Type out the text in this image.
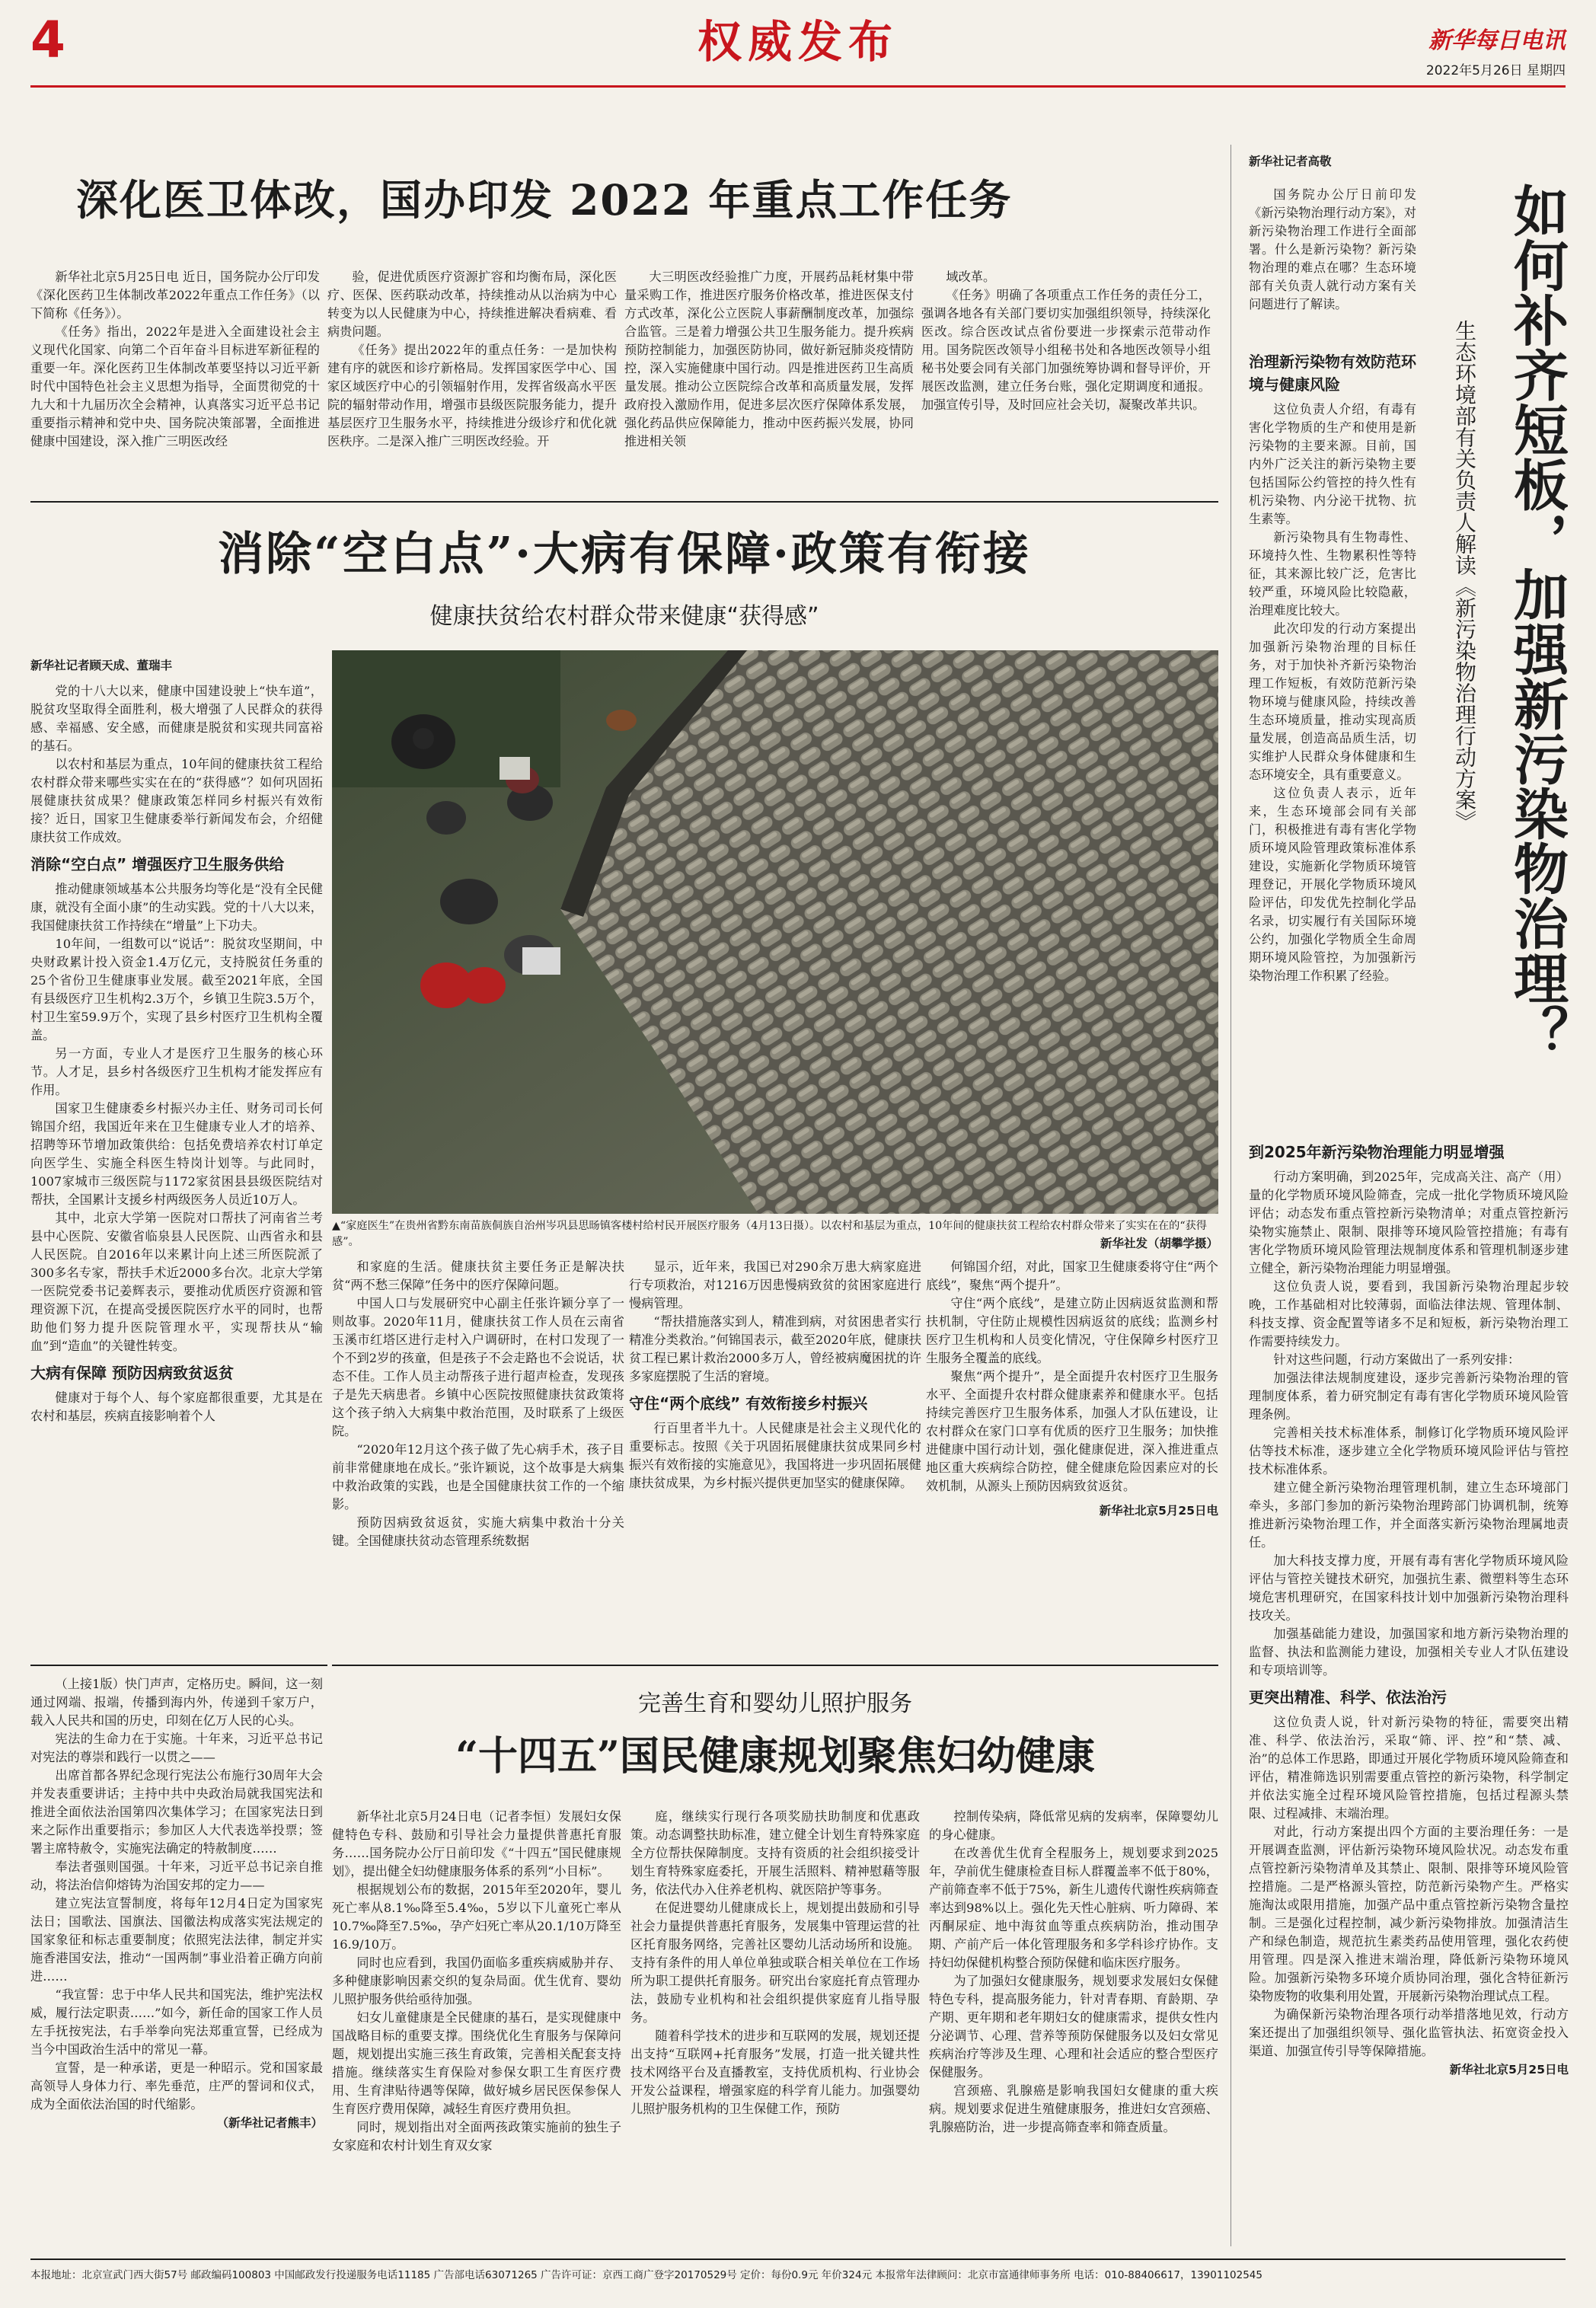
4	权威发布	新华每日电讯
2022年5月26日 星期四
深化医卫体改，国办印发 2022 年重点工作任务

新华社北京5月25日电 近日，国务院办公厅印发《深化医药卫生体制改革2022年重点工作任务》（以下简称《任务》）。

《任务》指出，2022年是进入全面建设社会主义现代化国家、向第二个百年奋斗目标进军新征程的重要一年。深化医药卫生体制改革要坚持以习近平新时代中国特色社会主义思想为指导，全面贯彻党的十九大和十九届历次全会精神，认真落实习近平总书记重要指示精神和党中央、国务院决策部署，全面推进健康中国建设，深入推广三明医改经

验，促进优质医疗资源扩容和均衡布局，深化医疗、医保、医药联动改革，持续推动从以治病为中心转变为以人民健康为中心，持续推进解决看病难、看病贵问题。

《任务》提出2022年的重点任务：一是加快构建有序的就医和诊疗新格局。发挥国家医学中心、国家区域医疗中心的引领辐射作用，发挥省级高水平医院的辐射带动作用，增强市县级医院服务能力，提升基层医疗卫生服务水平，持续推进分级诊疗和优化就医秩序。二是深入推广三明医改经验。开

大三明医改经验推广力度，开展药品耗材集中带量采购工作，推进医疗服务价格改革，推进医保支付方式改革，深化公立医院人事薪酬制度改革，加强综合监管。三是着力增强公共卫生服务能力。提升疾病预防控制能力，加强医防协同，做好新冠肺炎疫情防控，深入实施健康中国行动。四是推进医药卫生高质量发展。推动公立医院综合改革和高质量发展，发挥政府投入激励作用，促进多层次医疗保障体系发展，强化药品供应保障能力，推动中医药振兴发展，协同推进相关领

域改革。

《任务》明确了各项重点工作任务的责任分工，强调各地各有关部门要切实加强组织领导，持续深化医改。综合医改试点省份要进一步探索示范带动作用。国务院医改领导小组秘书处和各地医改领导小组秘书处要会同有关部门加强统筹协调和督导评价，开展医改监测，建立任务台账，强化定期调度和通报。加强宣传引导，及时回应社会关切，凝聚改革共识。

消除“空白点”·大病有保障·政策有衔接
健康扶贫给农村群众带来健康“获得感”
新华社记者顾天成、董瑞丰

党的十八大以来，健康中国建设驶上“快车道”，脱贫攻坚取得全面胜利，极大增强了人民群众的获得感、幸福感、安全感，而健康是脱贫和实现共同富裕的基石。

以农村和基层为重点，10年间的健康扶贫工程给农村群众带来哪些实实在在的“获得感”？如何巩固拓展健康扶贫成果？健康政策怎样同乡村振兴有效衔接？近日，国家卫生健康委举行新闻发布会，介绍健康扶贫工作成效。

消除“空白点” 增强医疗卫生服务供给

推动健康领域基本公共服务均等化是“没有全民健康，就没有全面小康”的生动实践。党的十八大以来，我国健康扶贫工作持续在“增量”上下功夫。

10年间，一组数可以“说话”：脱贫攻坚期间，中央财政累计投入资金1.4万亿元，支持脱贫任务重的25个省份卫生健康事业发展。截至2021年底，全国有县级医疗卫生机构2.3万个，乡镇卫生院3.5万个，村卫生室59.9万个，实现了县乡村医疗卫生机构全覆盖。

另一方面，专业人才是医疗卫生服务的核心环节。人才足，县乡村各级医疗卫生机构才能发挥应有作用。

国家卫生健康委乡村振兴办主任、财务司司长何锦国介绍，我国近年来在卫生健康专业人才的培养、招聘等环节增加政策供给：包括免费培养农村订单定向医学生、实施全科医生特岗计划等。与此同时，1007家城市三级医院与1172家贫困县县级医院结对帮扶，全国累计支援乡村两级医务人员近10万人。

其中，北京大学第一医院对口帮扶了河南省兰考县中心医院、安徽省临泉县人民医院、山西省永和县人民医院。自2016年以来累计向上述三所医院派了300多名专家，帮扶手术近2000多台次。北京大学第一医院党委书记姜辉表示，要推动优质医疗资源和管理资源下沉，在提高受援医院医疗水平的同时，也帮助他们努力提升医院管理水平，实现帮扶从“输血”到“造血”的关键性转变。

大病有保障 预防因病致贫返贫

健康对于每个人、每个家庭都很重要，尤其是在农村和基层，疾病直接影响着个人

▲“家庭医生”在贵州省黔东南苗族侗族自治州岑巩县思旸镇客楼村给村民开展医疗服务（4月13日摄）。以农村和基层为重点，10年间的健康扶贫工程给农村群众带来了实实在在的“获得感”。	新华社发（胡攀学摄）

和家庭的生活。健康扶贫主要任务正是解决扶贫“两不愁三保障”任务中的医疗保障问题。

中国人口与发展研究中心副主任张许颖分享了一则故事。2020年11月，健康扶贫工作人员在云南省玉溪市红塔区进行走村入户调研时，在村口发现了一个不到2岁的孩童，但是孩子不会走路也不会说话，状态不佳。工作人员主动帮孩子进行超声检查，发现孩子是先天病患者。乡镇中心医院按照健康扶贫政策将这个孩子纳入大病集中救治范围，及时联系了上级医院。

“2020年12月这个孩子做了先心病手术，孩子目前非常健康地在成长。”张许颖说，这个故事是大病集中救治政策的实践，也是全国健康扶贫工作的一个缩影。

预防因病致贫返贫，实施大病集中救治十分关键。全国健康扶贫动态管理系统数据

显示，近年来，我国已对290余万患大病家庭进行专项救治，对1216万因患慢病致贫的贫困家庭进行慢病管理。

“帮扶措施落实到人，精准到病，对贫困患者实行精准分类救治。”何锦国表示，截至2020年底，健康扶贫工程已累计救治2000多万人，曾经被病魔困扰的许多家庭摆脱了生活的窘境。

守住“两个底线” 有效衔接乡村振兴

行百里者半九十。人民健康是社会主义现代化的重要标志。按照《关于巩固拓展健康扶贫成果同乡村振兴有效衔接的实施意见》，我国将进一步巩固拓展健康扶贫成果，为乡村振兴提供更加坚实的健康保障。

何锦国介绍，对此，国家卫生健康委将守住“两个底线”，聚焦“两个提升”。

守住“两个底线”，是建立防止因病返贫监测和帮扶机制，守住防止规模性因病返贫的底线；监测乡村医疗卫生机构和人员变化情况，守住保障乡村医疗卫生服务全覆盖的底线。

聚焦“两个提升”，是全面提升农村医疗卫生服务水平、全面提升农村群众健康素养和健康水平。包括持续完善医疗卫生服务体系，加强人才队伍建设，让农村群众在家门口享有优质的医疗卫生服务；加快推进健康中国行动计划，强化健康促进，深入推进重点地区重大疾病综合防控，健全健康危险因素应对的长效机制，从源头上预防因病致贫返贫。

新华社北京5月25日电

（上接1版）快门声声，定格历史。瞬间，这一刻通过网端、报端，传播到海内外，传递到千家万户，载入人民共和国的历史，印刻在亿万人民的心头。

宪法的生命力在于实施。十年来，习近平总书记对宪法的尊崇和践行一以贯之——

出席首都各界纪念现行宪法公布施行30周年大会并发表重要讲话；主持中共中央政治局就我国宪法和推进全面依法治国第四次集体学习；在国家宪法日到来之际作出重要指示；参加区人大代表选举投票；签署主席特赦令，实施宪法确定的特赦制度……

奉法者强则国强。十年来，习近平总书记亲自推动，将法治信仰熔铸为治国安邦的定力——

建立宪法宣誓制度，将每年12月4日定为国家宪法日；国歌法、国旗法、国徽法构成落实宪法规定的国家象征和标志重要制度；依照宪法法律，制定并实施香港国安法，推动“一国两制”事业沿着正确方向前进……

“我宣誓：忠于中华人民共和国宪法，维护宪法权威，履行法定职责……”如今，新任命的国家工作人员左手抚按宪法，右手举拳向宪法郑重宣誓，已经成为当今中国政治生活中的常见一幕。

宣誓，是一种承诺，更是一种昭示。党和国家最高领导人身体力行、率先垂范，庄严的誓词和仪式，成为全面依法治国的时代缩影。

（新华社记者熊丰）
完善生育和婴幼儿照护服务
“十四五”国民健康规划聚焦妇幼健康

新华社北京5月24日电（记者李恒）发展妇女保健特色专科、鼓励和引导社会力量提供普惠托育服务……国务院办公厅日前印发《“十四五”国民健康规划》，提出健全妇幼健康服务体系的系列“小目标”。

根据规划公布的数据，2015年至2020年，婴儿死亡率从8.1‰降至5.4‰，5岁以下儿童死亡率从10.7‰降至7.5‰，孕产妇死亡率从20.1/10万降至16.9/10万。

同时也应看到，我国仍面临多重疾病威胁并存、多种健康影响因素交织的复杂局面。优生优育、婴幼儿照护服务供给亟待加强。

妇女儿童健康是全民健康的基石，是实现健康中国战略目标的重要支撑。围绕优化生育服务与保障问题，规划提出实施三孩生育政策，完善相关配套支持措施。继续落实生育保险对参保女职工生育医疗费用、生育津贴待遇等保障，做好城乡居民医保参保人生育医疗费用保障，减轻生育医疗费用负担。

同时，规划指出对全面两孩政策实施前的独生子女家庭和农村计划生育双女家

庭，继续实行现行各项奖励扶助制度和优惠政策。动态调整扶助标准，建立健全计划生育特殊家庭全方位帮扶保障制度。支持有资质的社会组织接受计划生育特殊家庭委托，开展生活照料、精神慰藉等服务，依法代办入住养老机构、就医陪护等事务。

在促进婴幼儿健康成长上，规划提出鼓励和引导社会力量提供普惠托育服务，发展集中管理运营的社区托育服务网络，完善社区婴幼儿活动场所和设施。支持有条件的用人单位单独或联合相关单位在工作场所为职工提供托育服务。研究出台家庭托育点管理办法，鼓励专业机构和社会组织提供家庭育儿指导服务。

随着科学技术的进步和互联网的发展，规划还提出支持“互联网+托育服务”发展，打造一批关键共性技术网络平台及直播教室，支持优质机构、行业协会开发公益课程，增强家庭的科学育儿能力。加强婴幼儿照护服务机构的卫生保健工作，预防

控制传染病，降低常见病的发病率，保障婴幼儿的身心健康。

在改善优生优育全程服务上，规划要求到2025年，孕前优生健康检查目标人群覆盖率不低于80%，产前筛查率不低于75%，新生儿遗传代谢性疾病筛查率达到98%以上。强化先天性心脏病、听力障碍、苯丙酮尿症、地中海贫血等重点疾病防治，推动围孕期、产前产后一体化管理服务和多学科诊疗协作。支持妇幼保健机构整合预防保健和临床医疗服务。

为了加强妇女健康服务，规划要求发展妇女保健特色专科，提高服务能力，针对青春期、育龄期、孕产期、更年期和老年期妇女的健康需求，提供女性内分泌调节、心理、营养等预防保健服务以及妇女常见疾病治疗等涉及生理、心理和社会适应的整合型医疗保健服务。

宫颈癌、乳腺癌是影响我国妇女健康的重大疾病。规划要求促进生殖健康服务，推进妇女宫颈癌、乳腺癌防治，进一步提高筛查率和筛查质量。

新华社记者高敬

国务院办公厅日前印发《新污染物治理行动方案》，对新污染物治理工作进行全面部署。什么是新污染物？新污染物治理的难点在哪？生态环境部有关负责人就行动方案有关问题进行了解读。	如何补齐短板，加强新污染物治理？
生态环境部有关负责人解读《新污染物治理行动方案》
治理新污染物有效防范环境与健康风险

这位负责人介绍，有毒有害化学物质的生产和使用是新污染物的主要来源。目前，国内外广泛关注的新污染物主要包括国际公约管控的持久性有机污染物、内分泌干扰物、抗生素等。

新污染物具有生物毒性、环境持久性、生物累积性等特征，其来源比较广泛，危害比较严重，环境风险比较隐蔽，治理难度比较大。

此次印发的行动方案提出加强新污染物治理的目标任务，对于加快补齐新污染物治理工作短板，有效防范新污染物环境与健康风险，持续改善生态环境质量，推动实现高质量发展，创造高品质生活，切实维护人民群众身体健康和生态环境安全，具有重要意义。

这位负责人表示，近年来，生态环境部会同有关部门，积极推进有毒有害化学物质环境风险管理政策标准体系建设，实施新化学物质环境管理登记，开展化学物质环境风险评估，印发优先控制化学品名录，切实履行有关国际环境公约，加强化学物质全生命周期环境风险管控，为加强新污染物治理工作积累了经验。

到2025年新污染物治理能力明显增强

行动方案明确，到2025年，完成高关注、高产（用）量的化学物质环境风险筛查，完成一批化学物质环境风险评估；动态发布重点管控新污染物清单；对重点管控新污染物实施禁止、限制、限排等环境风险管控措施；有毒有害化学物质环境风险管理法规制度体系和管理机制逐步建立健全，新污染物治理能力明显增强。

这位负责人说，要看到，我国新污染物治理起步较晚，工作基础相对比较薄弱，面临法律法规、管理体制、科技支撑、资金配置等诸多不足和短板，新污染物治理工作需要持续发力。

针对这些问题，行动方案做出了一系列安排：

加强法律法规制度建设，逐步完善新污染物治理的管理制度体系，着力研究制定有毒有害化学物质环境风险管理条例。

完善相关技术标准体系，制修订化学物质环境风险评估等技术标准，逐步建立全化学物质环境风险评估与管控技术标准体系。

建立健全新污染物治理管理机制，建立生态环境部门牵头，多部门参加的新污染物治理跨部门协调机制，统筹推进新污染物治理工作，并全面落实新污染物治理属地责任。

加大科技支撑力度，开展有毒有害化学物质环境风险评估与管控关键技术研究，加强抗生素、微塑料等生态环境危害机理研究，在国家科技计划中加强新污染物治理科技攻关。

加强基础能力建设，加强国家和地方新污染物治理的监督、执法和监测能力建设，加强相关专业人才队伍建设和专项培训等。

更突出精准、科学、依法治污

这位负责人说，针对新污染物的特征，需要突出精准、科学、依法治污，采取“筛、评、控”和“禁、减、治”的总体工作思路，即通过开展化学物质环境风险筛查和评估，精准筛选识别需要重点管控的新污染物，科学制定并依法实施全过程环境风险管控措施，包括过程源头禁限、过程减排、末端治理。

对此，行动方案提出四个方面的主要治理任务：一是开展调查监测，评估新污染物环境风险状况。动态发布重点管控新污染物清单及其禁止、限制、限排等环境风险管控措施。二是严格源头管控，防范新污染物产生。严格实施淘汰或限用措施，加强产品中重点管控新污染物含量控制。三是强化过程控制，减少新污染物排放。加强清洁生产和绿色制造，规范抗生素类药品使用管理，强化农药使用管理。四是深入推进末端治理，降低新污染物环境风险。加强新污染物多环境介质协同治理，强化含特征新污染物废物的收集利用处置，开展新污染物治理试点工程。

为确保新污染物治理各项行动举措落地见效，行动方案还提出了加强组织领导、强化监管执法、拓宽资金投入渠道、加强宣传引导等保障措施。

新华社北京5月25日电
本报地址：北京宣武门西大街57号 邮政编码100803 中国邮政发行投递服务电话11185 广告部电话63071265 广告许可证：京西工商广登字20170529号 定价：每份0.9元 年价324元 本报常年法律顾问：北京市富通律师事务所 电话：010-88406617，13901102545
